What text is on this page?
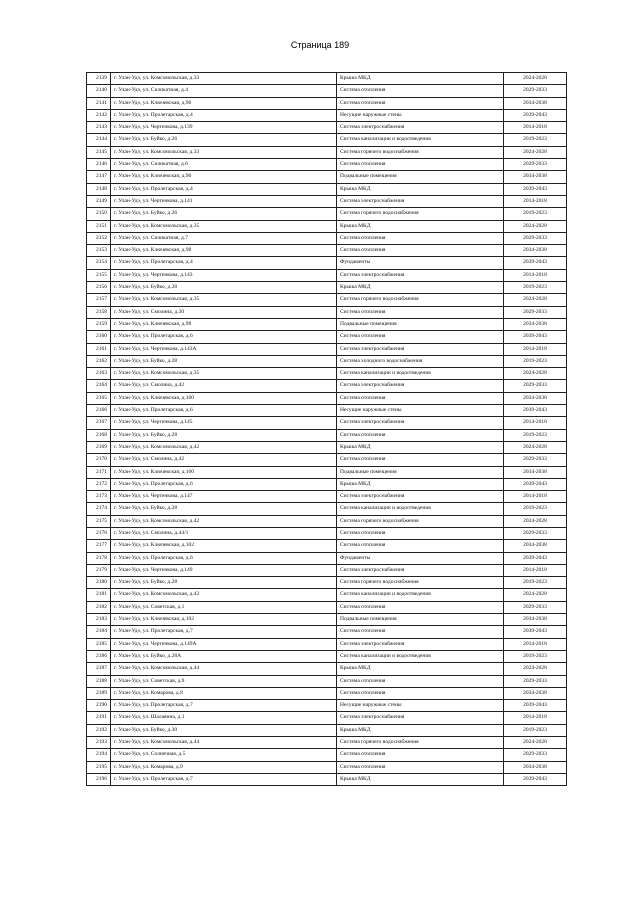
Страница 189
2139	г. Улан-Удэ, ул. Комсомольская, д.33	Крыша МКД	2024-2028
2140	г. Улан-Удэ, ул. Силикатная, д.4	Система отопления	2029-2033
2141	г. Улан-Удэ, ул. Ключевская, д.96	Система отопления	2034-2038
2142	г. Улан-Удэ, ул. Пролетарская, д.4	Несущие наружные стены	2039-2043
2143	г. Улан-Удэ, ул. Чертенкова, д.139	Система электроснабжения	2014-2018
2144	г. Улан-Удэ, ул. Буйко, д.26	Система канализации и водоотведения	2019-2023
2145	г. Улан-Удэ, ул. Комсомольская, д.33	Система горячего водоснабжения	2024-2028
2146	г. Улан-Удэ, ул. Силикатная, д.6	Система отопления	2029-2033
2147	г. Улан-Удэ, ул. Ключевская, д.96	Подвальные помещения	2034-2038
2148	г. Улан-Удэ, ул. Пролетарская, д.4	Крыша МКД	2039-2043
2149	г. Улан-Удэ, ул. Чертенкова, д.141	Система электроснабжения	2014-2018
2150	г. Улан-Удэ, ул. Буйко, д.26	Система горячего водоснабжения	2019-2023
2151	г. Улан-Удэ, ул. Комсомольская, д.35	Крыша МКД	2024-2028
2152	г. Улан-Удэ, ул. Силикатная, д.7	Система отопления	2029-2033
2153	г. Улан-Удэ, ул. Ключевская, д.98	Система отопления	2034-2038
2154	г. Улан-Удэ, ул. Пролетарская, д.4	Фундаменты	2039-2043
2155	г. Улан-Удэ, ул. Чертенкова, д.143	Система электроснабжения	2014-2018
2156	г. Улан-Удэ, ул. Буйко, д.28	Крыша МКД	2019-2023
2157	г. Улан-Удэ, ул. Комсомольская, д.35	Система горячего водоснабжения	2024-2028
2158	г. Улан-Удэ, ул. Смолина, д.30	Система отопления	2029-2033
2159	г. Улан-Удэ, ул. Ключевская, д.98	Подвальные помещения	2034-2038
2160	г. Улан-Удэ, ул. Пролетарская, д.6	Система отопления	2039-2043
2161	г. Улан-Удэ, ул. Чертенкова, д.143А	Система электроснабжения	2014-2018
2162	г. Улан-Удэ, ул. Буйко, д.28	Система холодного водоснабжения	2019-2023
2163	г. Улан-Удэ, ул. Комсомольская, д.35	Система канализации и водоотведения	2024-2028
2164	г. Улан-Удэ, ул. Смолина, д.42	Система электроснабжения	2029-2033
2165	г. Улан-Удэ, ул. Ключевская, д.100	Система отопления	2034-2038
2166	г. Улан-Удэ, ул. Пролетарская, д.6	Несущие наружные стены	2039-2043
2167	г. Улан-Удэ, ул. Чертенкова, д.145	Система электроснабжения	2014-2018
2168	г. Улан-Удэ, ул. Буйко, д.28	Система отопления	2019-2023
2169	г. Улан-Удэ, ул. Комсомольская, д.42	Крыша МКД	2024-2028
2170	г. Улан-Удэ, ул. Смолина, д.42	Система отопления	2029-2033
2171	г. Улан-Удэ, ул. Ключевская, д.100	Подвальные помещения	2034-2038
2172	г. Улан-Удэ, ул. Пролетарская, д.6	Крыша МКД	2039-2043
2173	г. Улан-Удэ, ул. Чертенкова, д.147	Система электроснабжения	2014-2018
2174	г. Улан-Удэ, ул. Буйко, д.28	Система канализации и водоотведения	2019-2023
2175	г. Улан-Удэ, ул. Комсомольская, д.42	Система горячего водоснабжения	2024-2028
2176	г. Улан-Удэ, ул. Смолина, д.44/1	Система отопления	2029-2033
2177	г. Улан-Удэ, ул. Ключевская, д.102	Система отопления	2034-2038
2178	г. Улан-Удэ, ул. Пролетарская, д.6	Фундаменты	2039-2043
2179	г. Улан-Удэ, ул. Чертенкова, д.149	Система электроснабжения	2014-2018
2180	г. Улан-Удэ, ул. Буйко, д.28	Система горячего водоснабжения	2019-2023
2181	г. Улан-Удэ, ул. Комсомольская, д.42	Система канализации и водоотведения	2024-2028
2182	г. Улан-Удэ, ул. Советская, д.1	Система отопления	2029-2033
2183	г. Улан-Удэ, ул. Ключевская, д.102	Подвальные помещения	2034-2038
2184	г. Улан-Удэ, ул. Пролетарская, д.7	Система отопления	2039-2043
2185	г. Улан-Удэ, ул. Чертенкова, д.149А	Система электроснабжения	2014-2018
2186	г. Улан-Удэ, ул. Буйко, д.28А	Система канализации и водоотведения	2019-2023
2187	г. Улан-Удэ, ул. Комсомольская, д.44	Крыша МКД	2024-2028
2188	г. Улан-Удэ, ул. Советская, д.9	Система отопления	2029-2033
2189	г. Улан-Удэ, ул. Комарова, д.8	Система отопления	2034-2038
2190	г. Улан-Удэ, ул. Пролетарская, д.7	Несущие наружные стены	2039-2043
2191	г. Улан-Удэ, ул. Шалаяина, д.1	Система электроснабжения	2014-2018
2192	г. Улан-Удэ, ул. Буйко, д.30	Крыша МКД	2019-2023
2193	г. Улан-Удэ, ул. Комсомольская, д.44	Система горячего водоснабжения	2024-2028
2194	г. Улан-Удэ, ул. Солнечная, д.5	Система отопления	2029-2033
2195	г. Улан-Удэ, ул. Комарова, д.9	Система отопления	2034-2038
2196	г. Улан-Удэ, ул. Пролетарская, д.7	Крыша МКД	2039-2043
